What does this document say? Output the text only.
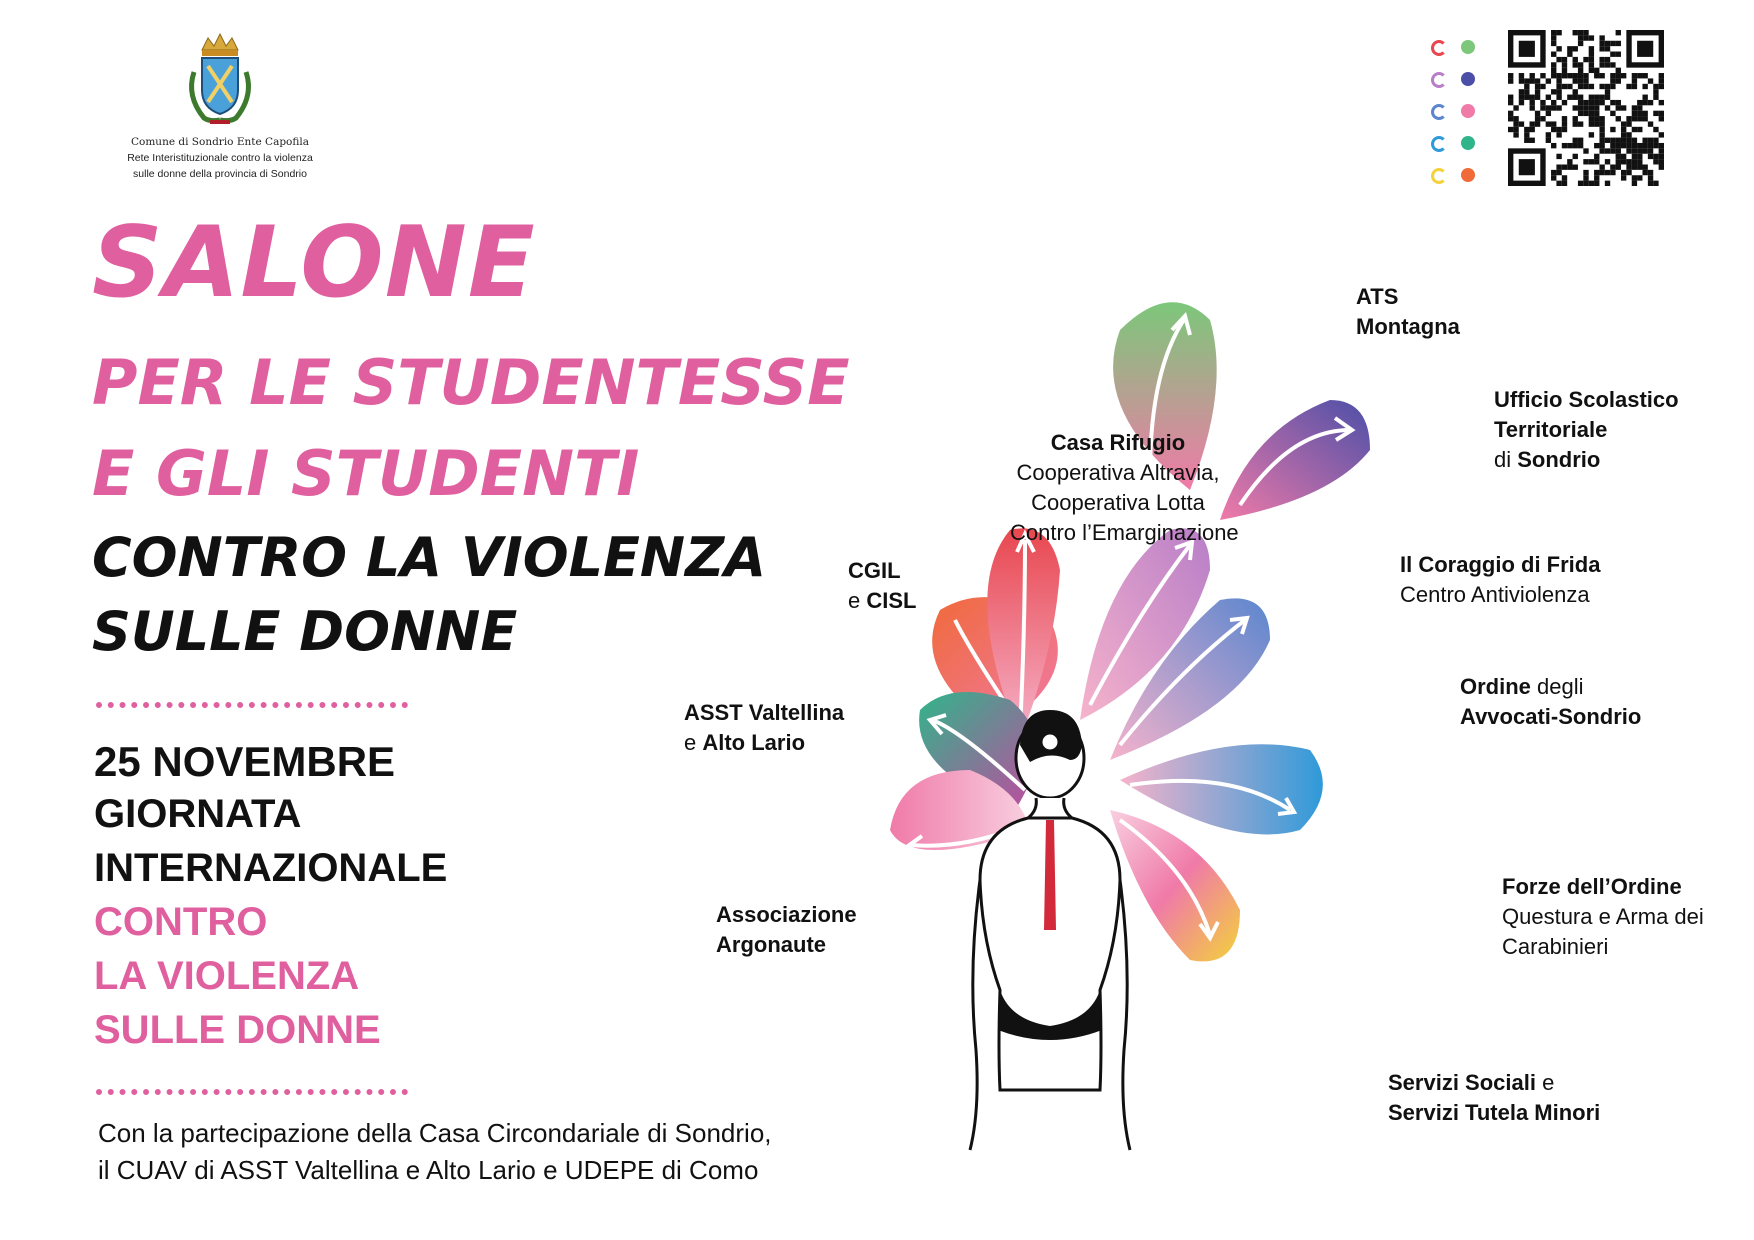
Comune di Sondrio Ente Capofila
Rete Interistituzionale contro la violenza
sulle donne della provincia di Sondrio
SALONE
PER LE STUDENTESSE
E GLI STUDENTI
CONTRO LA VIOLENZA
SULLE DONNE
25 NOVEMBRE
GIORNATA
INTERNAZIONALE
CONTRO
LA VIOLENZA
SULLE DONNE
Con la partecipazione della Casa Circondariale di Sondrio,
il CUAV di ASST Valtellina e Alto Lario e UDEPE di Como
ATS
Montagna
Ufficio Scolastico
Territoriale
di Sondrio
Casa Rifugio
Cooperativa Altravia,
Cooperativa Lotta
Contro l’Emarginazione
CGIL
e CISL
Il Coraggio di Frida
Centro Antiviolenza
ASST Valtellina
e Alto Lario
Ordine degli
Avvocati-Sondrio
Associazione
Argonaute
Forze dell’Ordine
Questura e Arma dei
Carabinieri
Servizi Sociali e
Servizi Tutela Minori
